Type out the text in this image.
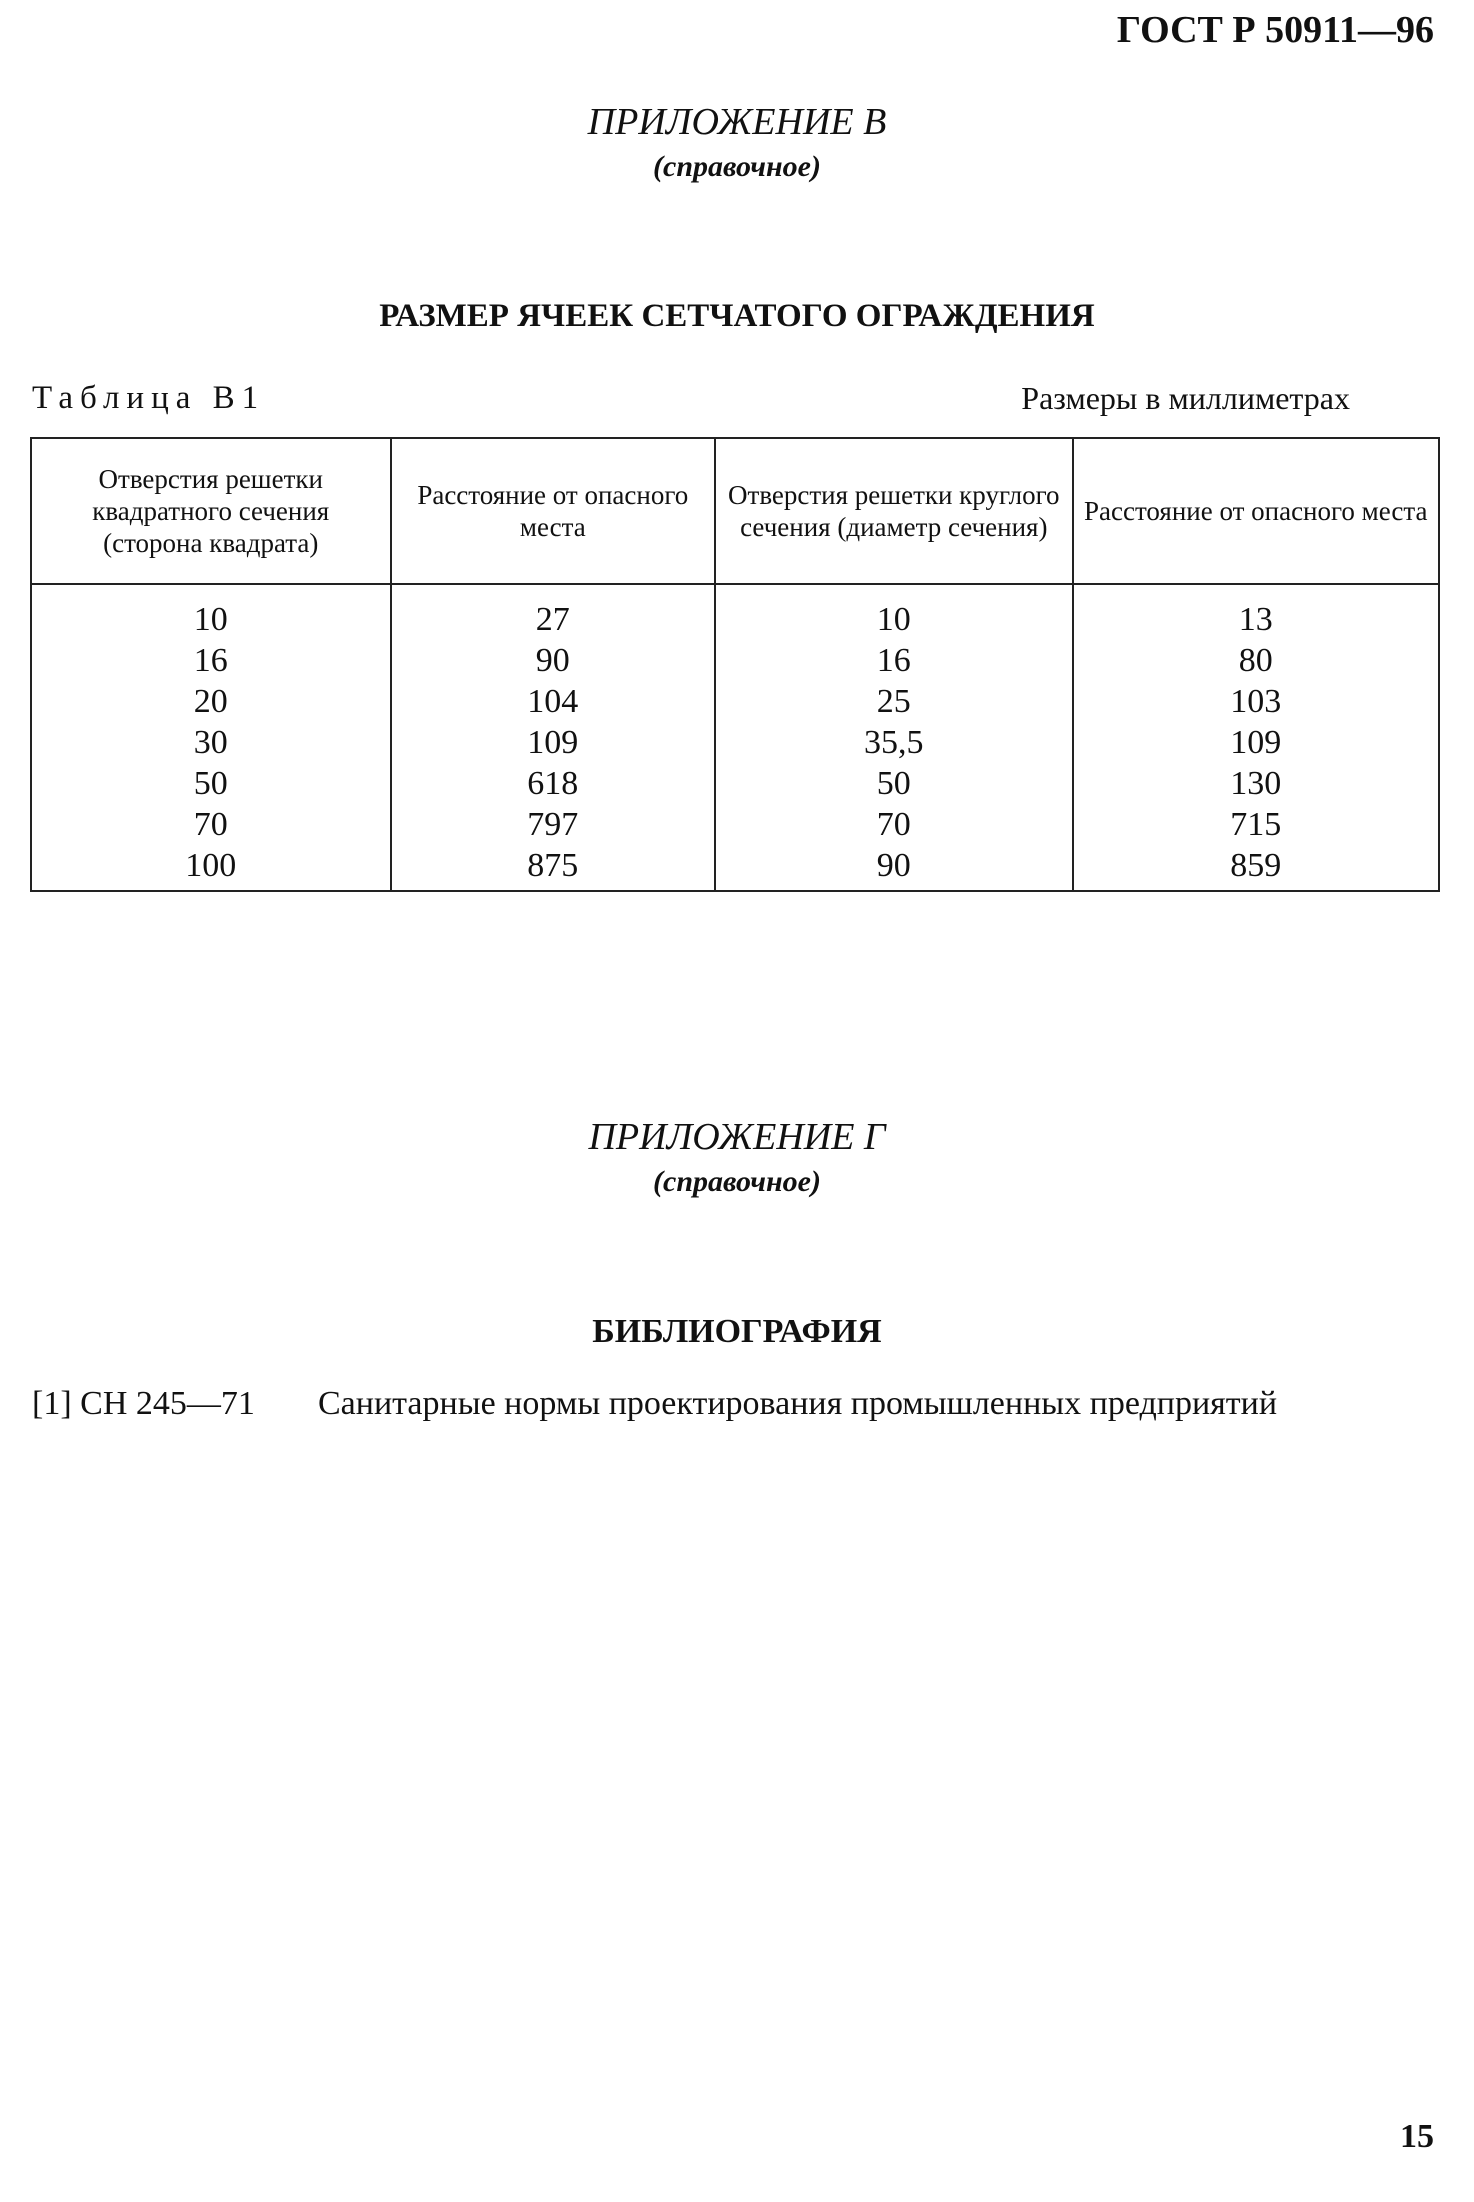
ГОСТ Р 50911—96
ПРИЛОЖЕНИЕ В
(справочное)
РАЗМЕР ЯЧЕЕК СЕТЧАТОГО ОГРАЖДЕНИЯ
Таблица В1	Размеры в миллиметрах
Отверстия решетки квадратного сечения (сторона квадрата)	Расстояние от опасного места	Отверстия решетки круглого сечения (диаметр сечения)	Расстояние от опасного места
10	27	10	13
16	90	16	80
20	104	25	103
30	109	35,5	109
50	618	50	130
70	797	70	715
100	875	90	859
ПРИЛОЖЕНИЕ Г
(справочное)
БИБЛИОГРАФИЯ
[1] СН 245—71 Санитарные нормы проектирования промышленных предприятий
15
